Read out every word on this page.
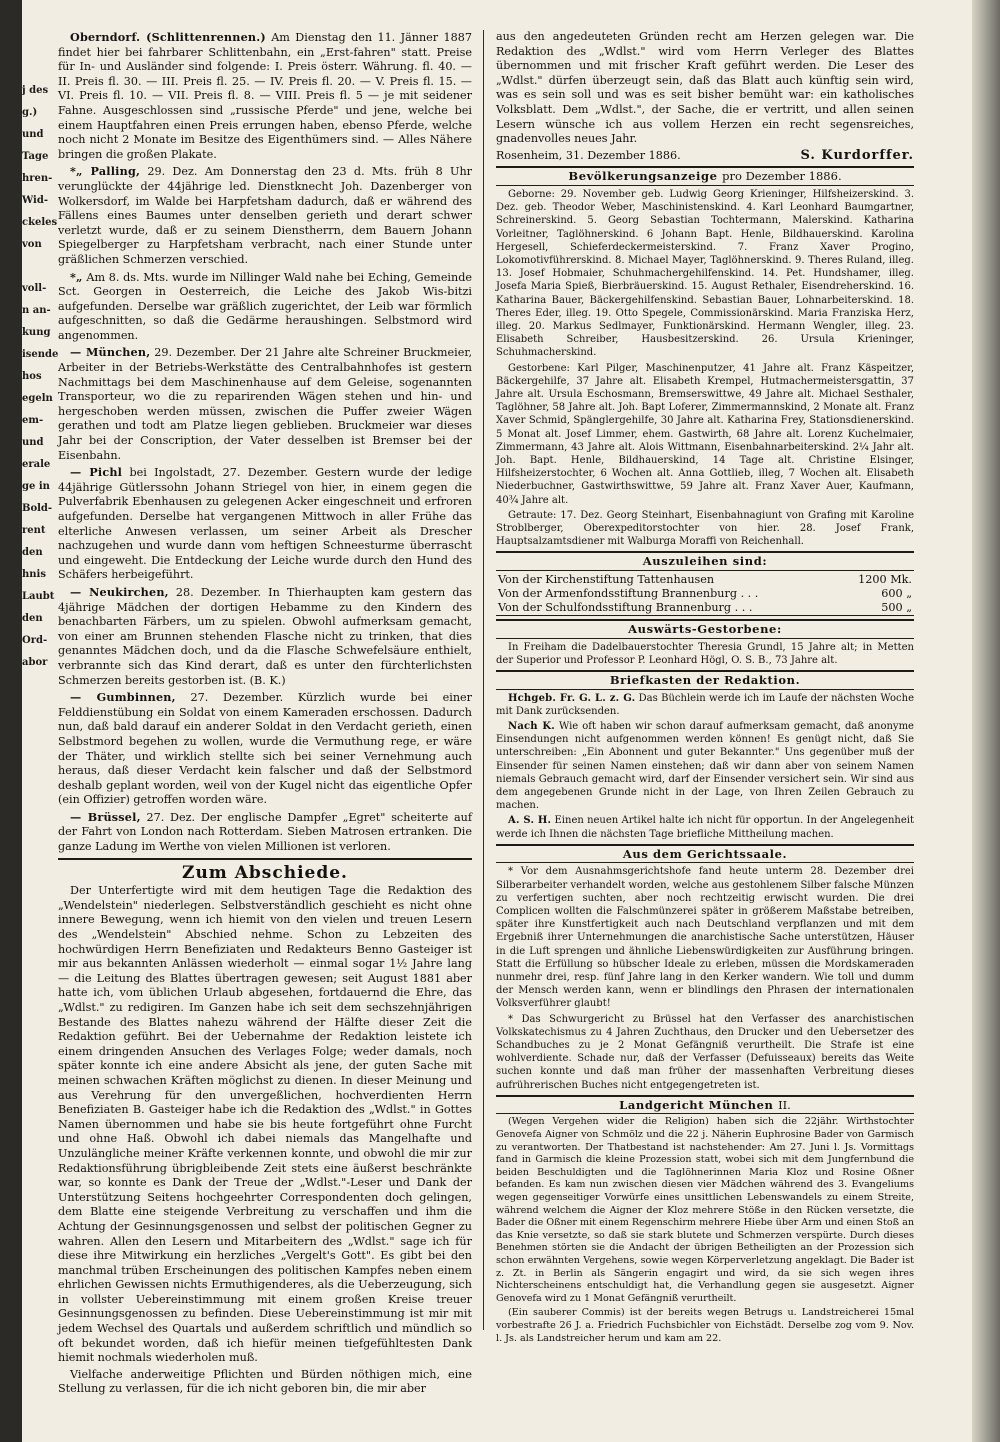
j des
g.)
und
Tage
hren-
Wid-
ckeles
von
voll-
n an-
kung
isende
hos
egeln
em-
und
erale
ge in
Bold-
rent
den
hnis
Laubt
den
Ord-
abor

Oberndorf. (Schlittenrennen.) Am Dienstag den 11. Jänner 1887 findet hier bei fahrbarer Schlittenbahn, ein „Erst-fahren" statt. Preise für In- und Ausländer sind folgende: I. Preis österr. Währung. fl. 40. — II. Preis fl. 30. — III. Preis fl. 25. — IV. Preis fl. 20. — V. Preis fl. 15. — VI. Preis fl. 10. — VII. Preis fl. 8. — VIII. Preis fl. 5 — je mit seidener Fahne. Ausgeschlossen sind „russische Pferde" und jene, welche bei einem Hauptfahren einen Preis errungen haben, ebenso Pferde, welche noch nicht 2 Monate im Besitze des Eigenthümers sind. — Alles Nähere bringen die großen Plakate.

*„ Palling, 29. Dez. Am Donnerstag den 23 d. Mts. früh 8 Uhr verunglückte der 44jährige led. Dienstknecht Joh. Dazenberger von Wolkersdorf, im Walde bei Harpfetsham dadurch, daß er während des Fällens eines Baumes unter denselben gerieth und derart schwer verletzt wurde, daß er zu seinem Dienstherrn, dem Bauern Johann Spiegelberger zu Harpfetsham verbracht, nach einer Stunde unter gräßlichen Schmerzen verschied.

*„ Am 8. ds. Mts. wurde im Nillinger Wald nahe bei Eching, Gemeinde Sct. Georgen in Oesterreich, die Leiche des Jakob Wis-bitzi aufgefunden. Derselbe war gräßlich zugerichtet, der Leib war förmlich aufgeschnitten, so daß die Gedärme heraushingen. Selbstmord wird angenommen.

— München, 29. Dezember. Der 21 Jahre alte Schreiner Bruckmeier, Arbeiter in der Betriebs-Werkstätte des Centralbahnhofes ist gestern Nachmittags bei dem Maschinenhause auf dem Geleise, sogenannten Transporteur, wo die zu reparirenden Wägen stehen und hin- und hergeschoben werden müssen, zwischen die Puffer zweier Wägen gerathen und todt am Platze liegen geblieben. Bruckmeier war dieses Jahr bei der Conscription, der Vater desselben ist Bremser bei der Eisenbahn.

— Pichl bei Ingolstadt, 27. Dezember. Gestern wurde der ledige 44jährige Gütlerssohn Johann Striegel von hier, in einem gegen die Pulverfabrik Ebenhausen zu gelegenen Acker eingeschneit und erfroren aufgefunden. Derselbe hat vergangenen Mittwoch in aller Frühe das elterliche Anwesen verlassen, um seiner Arbeit als Drescher nachzugehen und wurde dann vom heftigen Schneesturme überrascht und eingeweht. Die Entdeckung der Leiche wurde durch den Hund des Schäfers herbeigeführt.

— Neukirchen, 28. Dezember. In Thierhaupten kam gestern das 4jährige Mädchen der dortigen Hebamme zu den Kindern des benachbarten Färbers, um zu spielen. Obwohl aufmerksam gemacht, von einer am Brunnen stehenden Flasche nicht zu trinken, that dies genanntes Mädchen doch, und da die Flasche Schwefelsäure enthielt, verbrannte sich das Kind derart, daß es unter den fürchterlichsten Schmerzen bereits gestorben ist. (B. K.)

— Gumbinnen, 27. Dezember. Kürzlich wurde bei einer Felddienstübung ein Soldat von einem Kameraden erschossen. Dadurch nun, daß bald darauf ein anderer Soldat in den Verdacht gerieth, einen Selbstmord begehen zu wollen, wurde die Vermuthung rege, er wäre der Thäter, und wirklich stellte sich bei seiner Vernehmung auch heraus, daß dieser Verdacht kein falscher und daß der Selbstmord deshalb geplant worden, weil von der Kugel nicht das eigentliche Opfer (ein Offizier) getroffen worden wäre.

— Brüssel, 27. Dez. Der englische Dampfer „Egret" scheiterte auf der Fahrt von London nach Rotterdam. Sieben Matrosen ertranken. Die ganze Ladung im Werthe von vielen Millionen ist verloren.

Zum Abschiede.

Der Unterfertigte wird mit dem heutigen Tage die Redaktion des „Wendelstein" niederlegen. Selbstverständlich geschieht es nicht ohne innere Bewegung, wenn ich hiemit von den vielen und treuen Lesern des „Wendelstein" Abschied nehme. Schon zu Lebzeiten des hochwürdigen Herrn Benefiziaten und Redakteurs Benno Gasteiger ist mir aus bekannten Anlässen wiederholt — einmal sogar 1½ Jahre lang — die Leitung des Blattes übertragen gewesen; seit August 1881 aber hatte ich, vom üblichen Urlaub abgesehen, fortdauernd die Ehre, das „Wdlst." zu redigiren. Im Ganzen habe ich seit dem sechszehnjährigen Bestande des Blattes nahezu während der Hälfte dieser Zeit die Redaktion geführt. Bei der Uebernahme der Redaktion leistete ich einem dringenden Ansuchen des Verlages Folge; weder damals, noch später konnte ich eine andere Absicht als jene, der guten Sache mit meinen schwachen Kräften möglichst zu dienen. In dieser Meinung und aus Verehrung für den unvergeßlichen, hochverdienten Herrn Benefiziaten B. Gasteiger habe ich die Redaktion des „Wdlst." in Gottes Namen übernommen und habe sie bis heute fortgeführt ohne Furcht und ohne Haß. Obwohl ich dabei niemals das Mangelhafte und Unzulängliche meiner Kräfte verkennen konnte, und obwohl die mir zur Redaktionsführung übrigbleibende Zeit stets eine äußerst beschränkte war, so konnte es Dank der Treue der „Wdlst."-Leser und Dank der Unterstützung Seitens hochgeehrter Correspondenten doch gelingen, dem Blatte eine steigende Verbreitung zu verschaffen und ihm die Achtung der Gesinnungsgenossen und selbst der politischen Gegner zu wahren. Allen den Lesern und Mitarbeitern des „Wdlst." sage ich für diese ihre Mitwirkung ein herzliches „Vergelt's Gott". Es gibt bei den manchmal trüben Erscheinungen des politischen Kampfes neben einem ehrlichen Gewissen nichts Ermuthigenderes, als die Ueberzeugung, sich in vollster Uebereinstimmung mit einem großen Kreise treuer Gesinnungsgenossen zu befinden. Diese Uebereinstimmung ist mir mit jedem Wechsel des Quartals und außerdem schriftlich und mündlich so oft bekundet worden, daß ich hiefür meinen tiefgefühltesten Dank hiemit nochmals wiederholen muß.

Vielfache anderweitige Pflichten und Bürden nöthigen mich, eine Stellung zu verlassen, für die ich nicht geboren bin, die mir aber

aus den angedeuteten Gründen recht am Herzen gelegen war. Die Redaktion des „Wdlst." wird vom Herrn Verleger des Blattes übernommen und mit frischer Kraft geführt werden. Die Leser des „Wdlst." dürfen überzeugt sein, daß das Blatt auch künftig sein wird, was es sein soll und was es seit bisher bemüht war: ein katholisches Volksblatt. Dem „Wdlst.", der Sache, die er vertritt, und allen seinen Lesern wünsche ich aus vollem Herzen ein recht segensreiches, gnadenvolles neues Jahr.

Rosenheim, 31. Dezember 1886.	S. Kurdorffer.
Bevölkerungsanzeige pro Dezember 1886.

Geborne: 29. November geb. Ludwig Georg Krieninger, Hilfsheizerskind. 3. Dez. geb. Theodor Weber, Maschinistenskind. 4. Karl Leonhard Baumgartner, Schreinerskind. 5. Georg Sebastian Tochtermann, Malerskind. Katharina Vorleitner, Taglöhnerskind. 6 Johann Bapt. Henle, Bildhauerskind. Karolina Hergesell, Schieferdeckermeisterskind. 7. Franz Xaver Progino, Lokomotivführerskind. 8. Michael Mayer, Taglöhnerskind. 9. Theres Ruland, illeg. 13. Josef Hobmaier, Schuhmachergehilfenskind. 14. Pet. Hundshamer, illeg. Josefa Maria Spieß, Bierbräuerskind. 15. August Rethaler, Eisendreherskind. 16. Katharina Bauer, Bäckergehilfenskind. Sebastian Bauer, Lohnarbeiterskind. 18. Theres Eder, illeg. 19. Otto Spegele, Commissionärskind. Maria Franziska Herz, illeg. 20. Markus Sedlmayer, Funktionärskind. Hermann Wengler, illeg. 23. Elisabeth Schreiber, Hausbesitzerskind. 26. Ursula Krieninger, Schuhmacherskind.

Gestorbene: Karl Pilger, Maschinenputzer, 41 Jahre alt. Franz Käspeitzer, Bäckergehilfe, 37 Jahre alt. Elisabeth Krempel, Hutmachermeistersgattin, 37 Jahre alt. Ursula Eschosmann, Bremserswittwe, 49 Jahre alt. Michael Sesthaler, Taglöhner, 58 Jahre alt. Joh. Bapt Loferer, Zimmermannskind, 2 Monate alt. Franz Xaver Schmid, Spänglergehilfe, 30 Jahre alt. Katharina Frey, Stationsdienerskind. 5 Monat alt. Josef Limmer, ehem. Gastwirth, 68 Jahre alt. Lorenz Kuchelmaier, Zimmermann, 43 Jahre alt. Alois Wittmann, Eisenbahnarbeiterskind. 2¼ Jahr alt. Joh. Bapt. Henle, Bildhauerskind, 14 Tage alt. Christine Elsinger, Hilfsheizerstochter, 6 Wochen alt. Anna Gottlieb, illeg, 7 Wochen alt. Elisabeth Niederbuchner, Gastwirthswittwe, 59 Jahre alt. Franz Xaver Auer, Kaufmann, 40¾ Jahre alt.

Getraute: 17. Dez. Georg Steinhart, Eisenbahnagiunt von Grafing mit Karoline Stroblberger, Oberexpeditorstochter von hier. 28. Josef Frank, Hauptsalzamtsdiener mit Walburga Moraffi von Reichenhall.

Auszuleihen sind:
Von der Kirchenstiftung Tattenhausen	1200 Mk.
Von der Armenfondsstiftung Brannenburg . . .	600 „
Von der Schulfondsstiftung Brannenburg . . .	500 „
Auswärts-Gestorbene:

In Freiham die Dadelbauerstochter Theresia Grundl, 15 Jahre alt; in Metten der Superior und Professor P. Leonhard Högl, O. S. B., 73 Jahre alt.

Briefkasten der Redaktion.

Hchgeb. Fr. G. L. z. G. Das Büchlein werde ich im Laufe der nächsten Woche mit Dank zurücksenden.

Nach K. Wie oft haben wir schon darauf aufmerksam gemacht, daß anonyme Einsendungen nicht aufgenommen werden können! Es genügt nicht, daß Sie unterschreiben: „Ein Abonnent und guter Bekannter." Uns gegenüber muß der Einsender für seinen Namen einstehen; daß wir dann aber von seinem Namen niemals Gebrauch gemacht wird, darf der Einsender versichert sein. Wir sind aus dem angegebenen Grunde nicht in der Lage, von Ihren Zeilen Gebrauch zu machen.

A. S. H. Einen neuen Artikel halte ich nicht für opportun. In der Angelegenheit werde ich Ihnen die nächsten Tage briefliche Mittheilung machen.

Aus dem Gerichtssaale.

* Vor dem Ausnahmsgerichtshofe fand heute unterm 28. Dezember drei Silberarbeiter verhandelt worden, welche aus gestohlenem Silber falsche Münzen zu verfertigen suchten, aber noch rechtzeitig erwischt wurden. Die drei Complicen wollten die Falschmünzerei später in größerem Maßstabe betreiben, später ihre Kunstfertigkeit auch nach Deutschland verpflanzen und mit dem Ergebniß ihrer Unternehmungen die anarchistische Sache unterstützen, Häuser in die Luft sprengen und ähnliche Liebenswürdigkeiten zur Ausführung bringen. Statt die Erfüllung so hübscher Ideale zu erleben, müssen die Mordskameraden nunmehr drei, resp. fünf Jahre lang in den Kerker wandern. Wie toll und dumm der Mensch werden kann, wenn er blindlings den Phrasen der internationalen Volksverführer glaubt!

* Das Schwurgericht zu Brüssel hat den Verfasser des anarchistischen Volkskatechismus zu 4 Jahren Zuchthaus, den Drucker und den Uebersetzer des Schandbuches zu je 2 Monat Gefängniß verurtheilt. Die Strafe ist eine wohlverdiente. Schade nur, daß der Verfasser (Defuisseaux) bereits das Weite suchen konnte und daß man früher der massenhaften Verbreitung dieses aufrührerischen Buches nicht entgegengetreten ist.

Landgericht München II.

(Wegen Vergehen wider die Religion) haben sich die 22jähr. Wirthstochter Genovefa Aigner von Schmölz und die 22 j. Näherin Euphrosine Bader von Garmisch zu verantworten. Der Thatbestand ist nachstehender: Am 27. Juni l. Js. Vormittags fand in Garmisch die kleine Prozession statt, wobei sich mit dem Jungfernbund die beiden Beschuldigten und die Taglöhnerinnen Maria Kloz und Rosine Oßner befanden. Es kam nun zwischen diesen vier Mädchen während des 3. Evangeliums wegen gegenseitiger Vorwürfe eines unsittlichen Lebenswandels zu einem Streite, während welchem die Aigner der Kloz mehrere Stöße in den Rücken versetzte, die Bader die Oßner mit einem Regenschirm mehrere Hiebe über Arm und einen Stoß an das Knie versetzte, so daß sie stark blutete und Schmerzen verspürte. Durch dieses Benehmen störten sie die Andacht der übrigen Betheiligten an der Prozession sich schon erwähnten Vergehens, sowie wegen Körperverletzung angeklagt. Die Bader ist z. Zt. in Berlin als Sängerin engagirt und wird, da sie sich wegen ihres Nichterscheinens entschuldigt hat, die Verhandlung gegen sie ausgesetzt. Aigner Genovefa wird zu 1 Monat Gefängniß verurtheilt.

(Ein sauberer Commis) ist der bereits wegen Betrugs u. Landstreicherei 15mal vorbestrafte 26 J. a. Friedrich Fuchsbichler von Eichstädt. Derselbe zog vom 9. Nov. l. Js. als Landstreicher herum und kam am 22.
